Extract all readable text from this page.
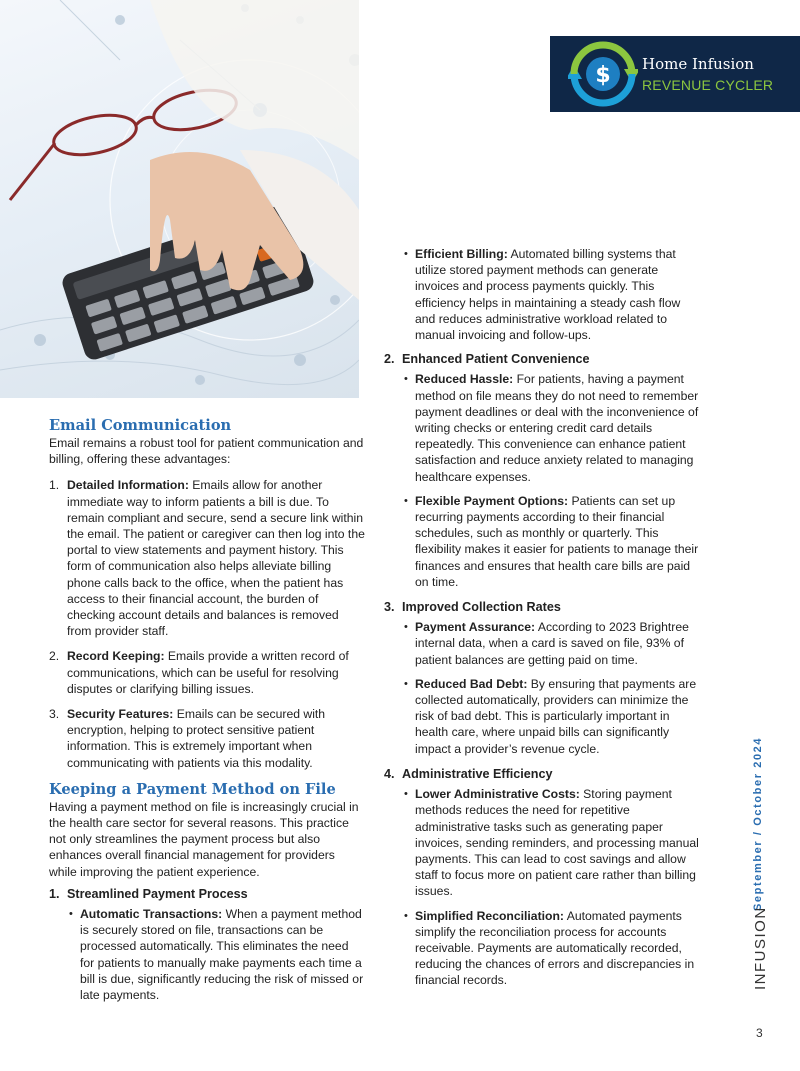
$ Home Infusion
REVENUE CYCLER
Email Communication

Email remains a robust tool for patient communication and billing, offering these advantages:

1. Detailed Information: Emails allow for another immediate way to inform patients a bill is due. To remain compliant and secure, send a secure link within the email. The patient or caregiver can then log into the portal to view statements and payment history. This form of communication also helps alleviate billing phone calls back to the office, when the patient has access to their financial account, the burden of checking account details and balances is removed from provider staff.
2. Record Keeping: Emails provide a written record of communications, which can be useful for resolving disputes or clarifying billing issues.
3. Security Features: Emails can be secured with encryption, helping to protect sensitive patient information. This is extremely important when communicating with patients via this modality.
Keeping a Payment Method on File

Having a payment method on file is increasingly crucial in the health care sector for several reasons. This practice not only streamlines the payment process but also enhances overall financial management for providers while improving the patient experience.

1. Streamlined Payment Process
• Automatic Transactions: When a payment method is securely stored on file, transactions can be processed automatically. This eliminates the need for patients to manually make payments each time a bill is due, significantly reducing the risk of missed or late payments.
• Efficient Billing: Automated billing systems that utilize stored payment methods can generate invoices and process payments quickly. This efficiency helps in maintaining a steady cash flow and reduces administrative workload related to manual invoicing and follow-ups.
2. Enhanced Patient Convenience
• Reduced Hassle: For patients, having a payment method on file means they do not need to remember payment deadlines or deal with the inconvenience of writing checks or entering credit card details repeatedly. This convenience can enhance patient satisfaction and reduce anxiety related to managing healthcare expenses.
• Flexible Payment Options: Patients can set up recurring payments according to their financial schedules, such as monthly or quarterly. This flexibility makes it easier for patients to manage their finances and ensures that health care bills are paid on time.
3. Improved Collection Rates
• Payment Assurance: According to 2023 Brightree internal data, when a card is saved on file, 93% of patient balances are getting paid on time.
• Reduced Bad Debt: By ensuring that payments are collected automatically, providers can minimize the risk of bad debt. This is particularly important in health care, where unpaid bills can significantly impact a provider’s revenue cycle.
4. Administrative Efficiency
• Lower Administrative Costs: Storing payment methods reduces the need for repetitive administrative tasks such as generating paper invoices, sending reminders, and processing manual payments. This can lead to cost savings and allow staff to focus more on patient care rather than billing issues.
• Simplified Reconciliation: Automated payments simplify the reconciliation process for accounts receivable. Payments are automatically recorded, reducing the chances of errors and discrepancies in financial records.
September / October 2024
INFUSION
3
